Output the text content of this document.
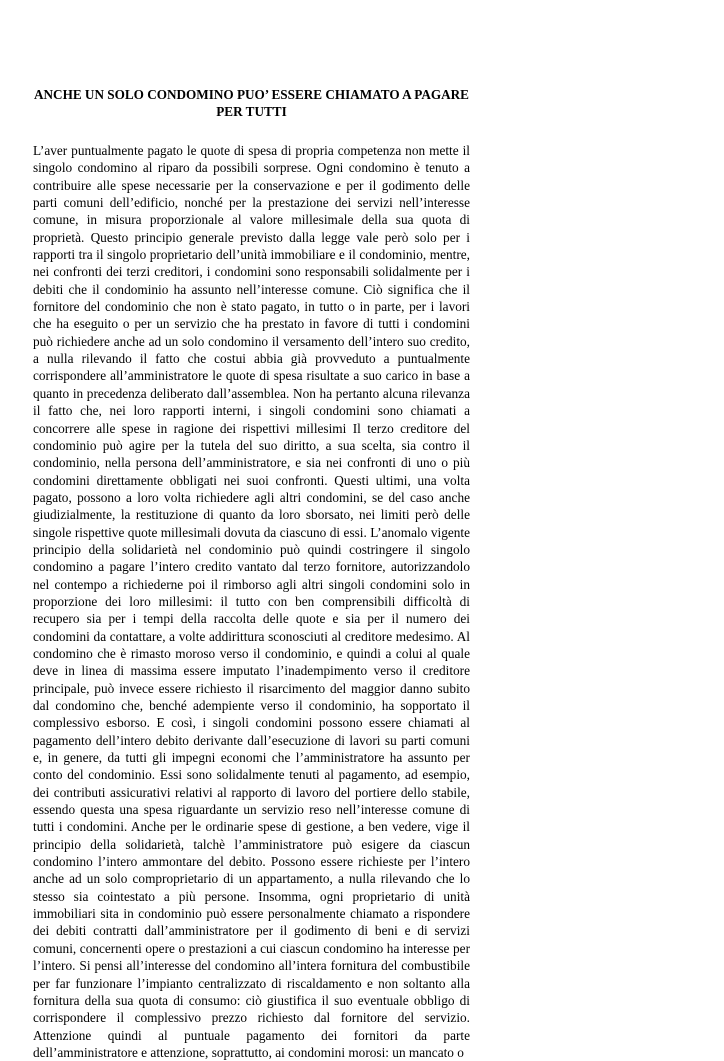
ANCHE UN SOLO CONDOMINO PUO’ ESSERE CHIAMATO A PAGARE PER TUTTI

L’aver puntualmente pagato le quote di spesa di propria competenza non mette il singolo condomino al riparo da possibili sorprese. Ogni condomino è tenuto a contribuire alle spese necessarie per la conservazione e per il godimento delle parti comuni dell’edificio, nonché per la prestazione dei servizi nell’interesse comune, in misura proporzionale al valore millesimale della sua quota di proprietà. Questo principio generale previsto dalla legge vale però solo per i rapporti tra il singolo proprietario dell’unità immobiliare e il condominio, mentre, nei confronti dei terzi creditori, i condomini sono responsabili solidalmente per i debiti che il condominio ha assunto nell’interesse comune. Ciò significa che il fornitore del condominio che non è stato pagato, in tutto o in parte, per i lavori che ha eseguito o per un servizio che ha prestato in favore di tutti i condomini può richiedere anche ad un solo condomino il versamento dell’intero suo credito, a nulla rilevando il fatto che costui abbia già provveduto a puntualmente corrispondere all’amministratore le quote di spesa risultate a suo carico in base a quanto in precedenza deliberato dall’assemblea. Non ha pertanto alcuna rilevanza il fatto che, nei loro rapporti interni, i singoli condomini sono chiamati a concorrere alle spese in ragione dei rispettivi millesimi Il terzo creditore del condominio può agire per la tutela del suo diritto, a sua scelta, sia contro il condominio, nella persona dell’amministratore, e sia nei confronti di uno o più condomini direttamente obbligati nei suoi confronti. Questi ultimi, una volta pagato, possono a loro volta richiedere agli altri condomini, se del caso anche giudizialmente, la restituzione di quanto da loro sborsato, nei limiti però delle singole rispettive quote millesimali dovuta da ciascuno di essi. L’anomalo vigente principio della solidarietà nel condominio può quindi costringere il singolo condomino a pagare l’intero credito vantato dal terzo fornitore, autorizzandolo nel contempo a richiederne poi il rimborso agli altri singoli condomini solo in proporzione dei loro millesimi: il tutto con ben comprensibili difficoltà di recupero sia per i tempi della raccolta delle quote e sia per il numero dei condomini da contattare, a volte addirittura sconosciuti al creditore medesimo. Al condomino che è rimasto moroso verso il condominio, e quindi a colui al quale deve in linea di massima essere imputato l’inadempimento verso il creditore principale, può invece essere richiesto il risarcimento del maggior danno subito dal condomino che, benché adempiente verso il condominio, ha sopportato il complessivo esborso. E così, i singoli condomini possono essere chiamati al pagamento dell’intero debito derivante dall’esecuzione di lavori su parti comuni e, in genere, da tutti gli impegni economi che l’amministratore ha assunto per conto del condominio. Essi sono solidalmente tenuti al pagamento, ad esempio, dei contributi assicurativi relativi al rapporto di lavoro del portiere dello stabile, essendo questa una spesa riguardante un servizio reso nell’interesse comune di tutti i condomini. Anche per le ordinarie spese di gestione, a ben vedere, vige il principio della solidarietà, talchè l’amministratore può esigere da ciascun condomino l’intero ammontare del debito. Possono essere richieste per l’intero anche ad un solo comproprietario di un appartamento, a nulla rilevando che lo stesso sia cointestato a più persone. Insomma, ogni proprietario di unità immobiliari sita in condominio può essere personalmente chiamato a rispondere dei debiti contratti dall’amministratore per il godimento di beni e di servizi comuni, concernenti opere o prestazioni a cui ciascun condomino ha interesse per l’intero. Si pensi all’interesse del condomino all’intera fornitura del combustibile per far funzionare l’impianto centralizzato di riscaldamento e non soltanto alla fornitura della sua quota di consumo: ciò giustifica il suo eventuale obbligo di corrispondere il complessivo prezzo richiesto dal fornitore del servizio. Attenzione quindi al puntuale pagamento dei fornitori da parte dell’amministratore e attenzione, soprattutto, ai condomini morosi: un mancato o
